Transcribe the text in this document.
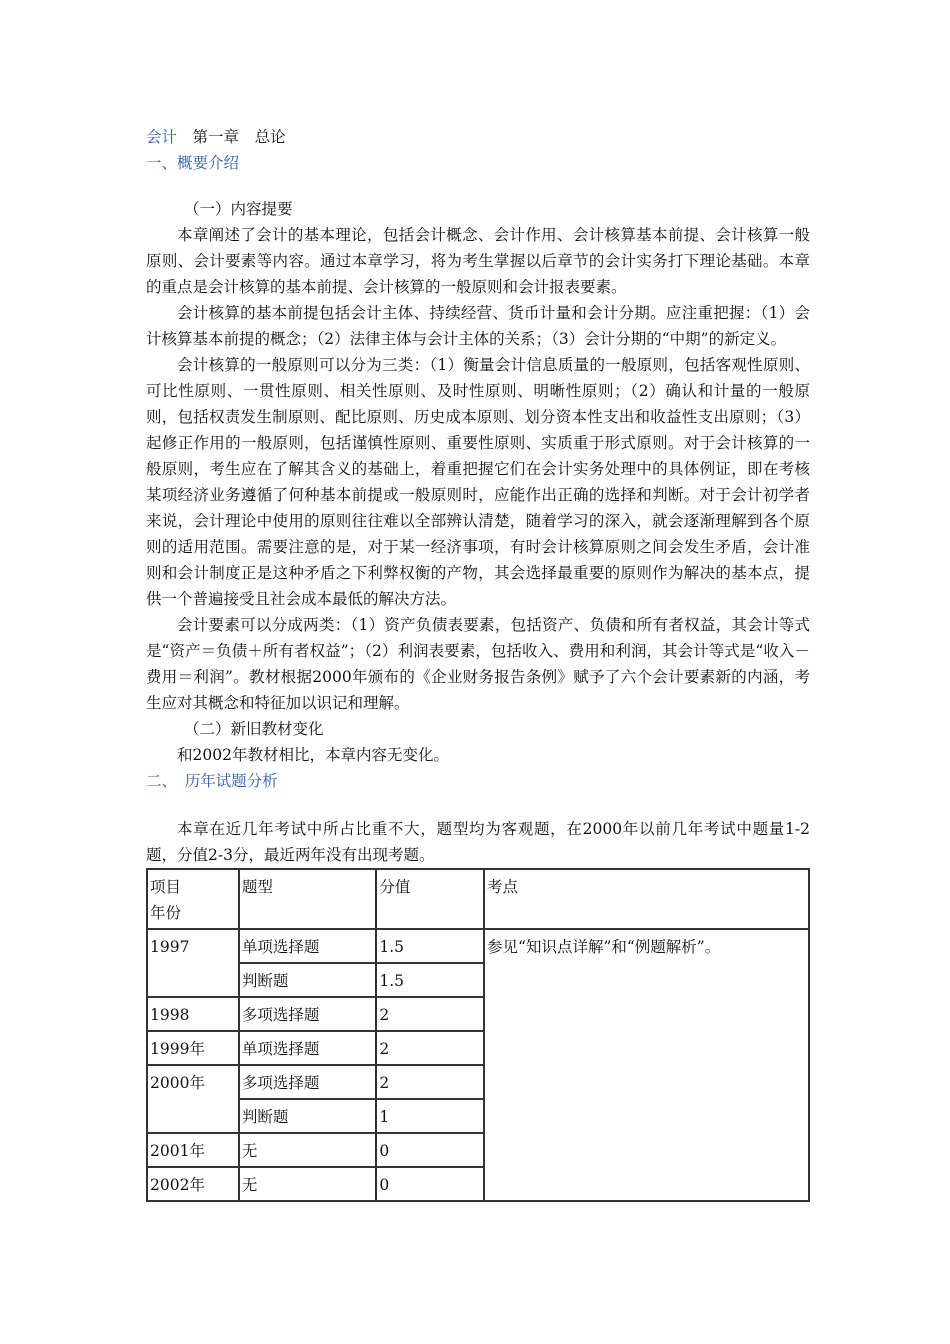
会计　 第一章　 总论
一、概要介绍
（一）内容提要

本章阐述了会计的基本理论，包括会计概念、会计作用、会计核算基本前提、会计核算一般原则、会计要素等内容。通过本章学习，将为考生掌握以后章节的会计实务打下理论基础。本章的重点是会计核算的基本前提、会计核算的一般原则和会计报表要素。

会计核算的基本前提包括会计主体、持续经营、货币计量和会计分期。应注重把握：（1）会计核算基本前提的概念；（2）法律主体与会计主体的关系；（3）会计分期的“中期”的新定义。

会计核算的一般原则可以分为三类：（1）衡量会计信息质量的一般原则，包括客观性原则、可比性原则、一贯性原则、相关性原则、及时性原则、明晰性原则；（2）确认和计量的一般原则，包括权责发生制原则、配比原则、历史成本原则、划分资本性支出和收益性支出原则；（3）起修正作用的一般原则，包括谨慎性原则、重要性原则、实质重于形式原则。对于会计核算的一般原则，考生应在了解其含义的基础上，着重把握它们在会计实务处理中的具体例证，即在考核某项经济业务遵循了何种基本前提或一般原则时，应能作出正确的选择和判断。对于会计初学者来说，会计理论中使用的原则往往难以全部辨认清楚，随着学习的深入，就会逐渐理解到各个原则的适用范围。需要注意的是，对于某一经济事项，有时会计核算原则之间会发生矛盾，会计准则和会计制度正是这种矛盾之下利弊权衡的产物，其会选择最重要的原则作为解决的基本点，提供一个普遍接受且社会成本最低的解决方法。

会计要素可以分成两类：（1）资产负债表要素，包括资产、负债和所有者权益，其会计等式是“资产＝负债＋所有者权益”；（2）利润表要素，包括收入、费用和利润，其会计等式是“收入－费用＝利润”。教材根据2000年颁布的《企业财务报告条例》赋予了六个会计要素新的内涵，考生应对其概念和特征加以识记和理解。

（二）新旧教材变化

和2002年教材相比，本章内容无变化。

二、　历年试题分析

本章在近几年考试中所占比重不大，题型均为客观题，在2000年以前几年考试中题量1-2题，分值2-3分，最近两年没有出现考题。

项目
年份	题型	分值	考点
1997	单项选择题	1.5	参见“知识点详解”和“例题解析”。
	判断题	1.5	
1998	多项选择题	2	
1999年	单项选择题	2	
2000年	多项选择题	2	
	判断题	1	
2001年	无	0	
2002年	无	0	
